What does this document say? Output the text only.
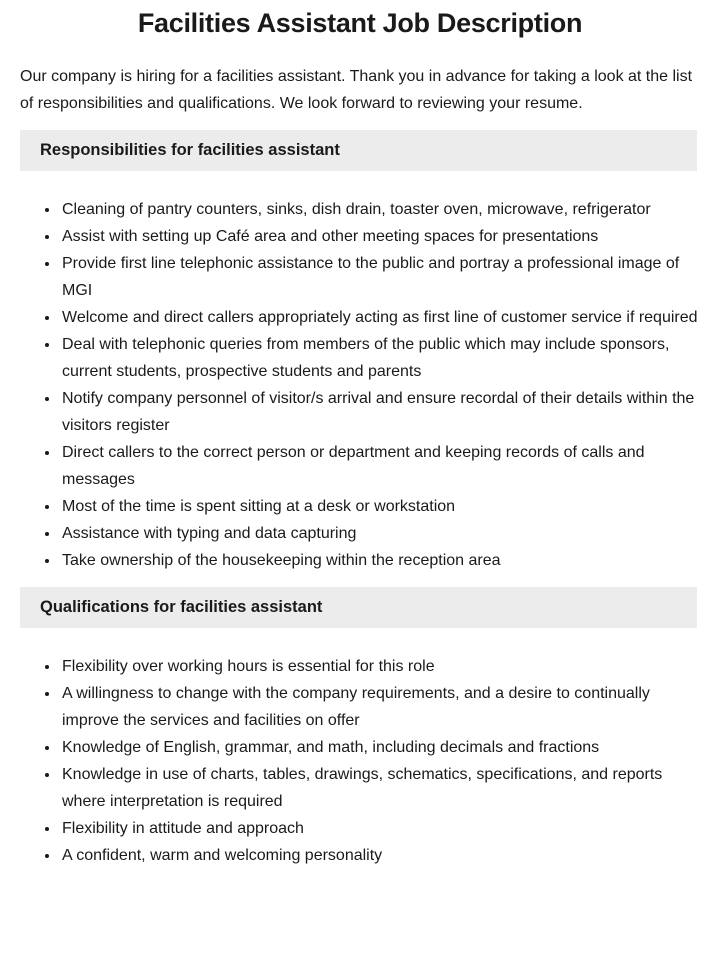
Facilities Assistant Job Description

Our company is hiring for a facilities assistant. Thank you in advance for taking a look at the list of responsibilities and qualifications. We look forward to reviewing your resume.

Responsibilities for facilities assistant
• Cleaning of pantry counters, sinks, dish drain, toaster oven, microwave, refrigerator
• Assist with setting up Café area and other meeting spaces for presentations
• Provide first line telephonic assistance to the public and portray a professional image of MGI
• Welcome and direct callers appropriately acting as first line of customer service if required
• Deal with telephonic queries from members of the public which may include sponsors, current students, prospective students and parents
• Notify company personnel of visitor/s arrival and ensure recordal of their details within the visitors register
• Direct callers to the correct person or department and keeping records of calls and messages
• Most of the time is spent sitting at a desk or workstation
• Assistance with typing and data capturing
• Take ownership of the housekeeping within the reception area
Qualifications for facilities assistant
• Flexibility over working hours is essential for this role
• A willingness to change with the company requirements, and a desire to continually improve the services and facilities on offer
• Knowledge of English, grammar, and math, including decimals and fractions
• Knowledge in use of charts, tables, drawings, schematics, specifications, and reports where interpretation is required
• Flexibility in attitude and approach
• A confident, warm and welcoming personality
